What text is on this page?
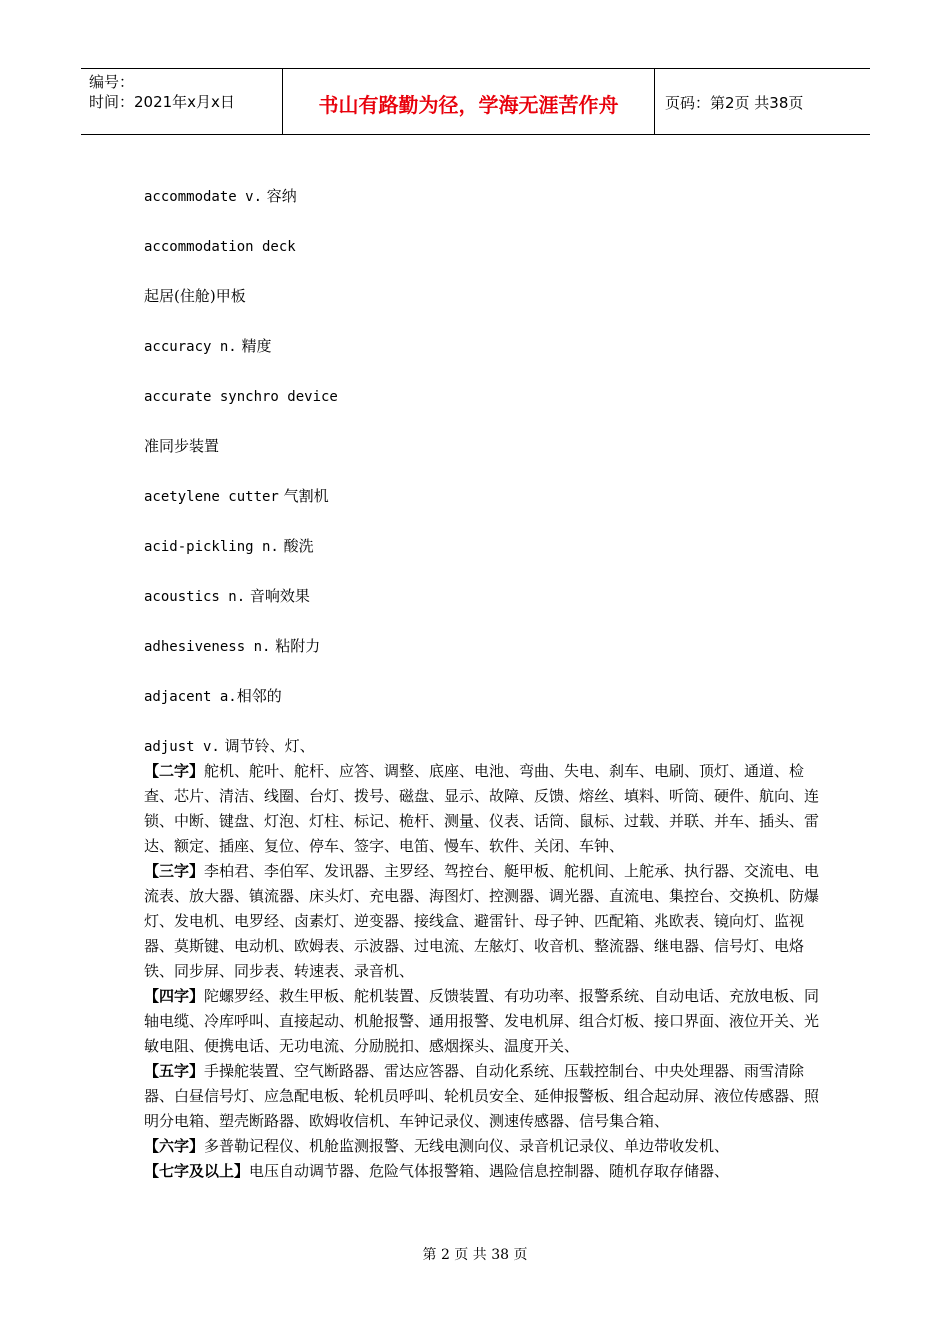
编号：
时间：2021年x月x日	书山有路勤为径，学海无涯苦作舟	页码：第2页 共38页
accommodate v. 容纳
accommodation deck
起居(住舱)甲板
accuracy n. 精度
accurate synchro device
准同步装置
acetylene cutter 气割机
acid-pickling n. 酸洗
acoustics n. 音响效果
adhesiveness n. 粘附力
adjacent a.相邻的
adjust v. 调节铃、灯、

【二字】舵机、舵叶、舵杆、应答、调整、底座、电池、弯曲、失电、刹车、电刷、顶灯、通道、检查、芯片、清洁、线圈、台灯、拨号、磁盘、显示、故障、反馈、熔丝、填料、听筒、硬件、航向、连锁、中断、键盘、灯泡、灯柱、标记、桅杆、测量、仪表、话筒、鼠标、过载、并联、并车、插头、雷达、额定、插座、复位、停车、签字、电笛、慢车、软件、关闭、车钟、

【三字】李柏君、李伯军、发讯器、主罗经、驾控台、艇甲板、舵机间、上舵承、执行器、交流电、电流表、放大器、镇流器、床头灯、充电器、海图灯、控测器、调光器、直流电、集控台、交换机、防爆灯、发电机、电罗经、卤素灯、逆变器、接线盒、避雷针、母子钟、匹配箱、兆欧表、镜向灯、监视器、莫斯键、电动机、欧姆表、示波器、过电流、左舷灯、收音机、整流器、继电器、信号灯、电烙铁、同步屏、同步表、转速表、录音机、

【四字】陀螺罗经、救生甲板、舵机装置、反馈装置、有功功率、报警系统、自动电话、充放电板、同轴电缆、冷库呼叫、直接起动、机舱报警、通用报警、发电机屏、组合灯板、接口界面、液位开关、光敏电阻、便携电话、无功电流、分励脱扣、感烟探头、温度开关、

【五字】手操舵装置、空气断路器、雷达应答器、自动化系统、压载控制台、中央处理器、雨雪清除器、白昼信号灯、应急配电板、轮机员呼叫、轮机员安全、延伸报警板、组合起动屏、液位传感器、照明分电箱、塑壳断路器、欧姆收信机、车钟记录仪、测速传感器、信号集合箱、

【六字】多普勒记程仪、机舱监测报警、无线电测向仪、录音机记录仪、单边带收发机、

【七字及以上】电压自动调节器、危险气体报警箱、遇险信息控制器、随机存取存储器、

第 2 页 共 38 页
